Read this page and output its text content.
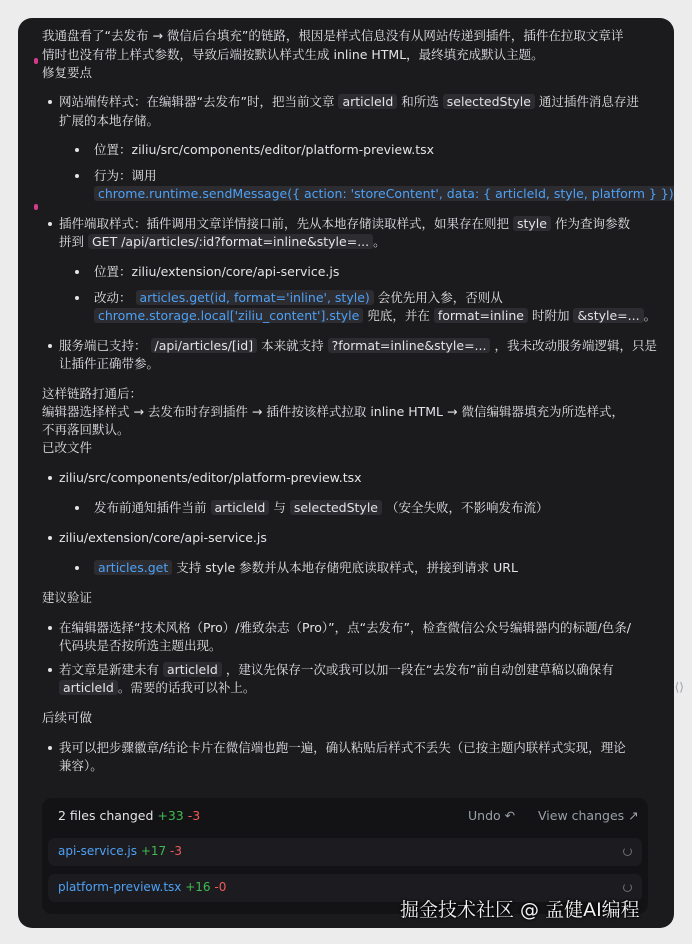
我通盘看了“去发布 → 微信后台填充”的链路，根因是样式信息没有从网站传递到插件，插件在拉取文章详
情时也没有带上样式参数，导致后端按默认样式生成 inline HTML，最终填充成默认主题。
修复要点
网站端传样式：在编辑器“去发布”时，把当前文章 articleId 和所选 selectedStyle 通过插件消息存进
扩展的本地存储。
位置：ziliu/src/components/editor/platform-preview.tsx
行为：调用
chrome.runtime.sendMessage({ action: 'storeContent', data: { articleId, style, platform } })
插件端取样式：插件调用文章详情接口前，先从本地存储读取样式，如果存在则把 style 作为查询参数
拼到 GET /api/articles/:id?format=inline&style=... 。
位置：ziliu/extension/core/api-service.js
改动： articles.get(id, format='inline', style) 会优先用入参，否则从
chrome.storage.local['ziliu_content'].style 兜底，并在 format=inline 时附加 &style=... 。
服务端已支持： /api/articles/[id] 本来就支持 ?format=inline&style=... ，我未改动服务端逻辑，只是
让插件正确带参。
这样链路打通后：
编辑器选择样式 → 去发布时存到插件 → 插件按该样式拉取 inline HTML → 微信编辑器填充为所选样式，
不再落回默认。
已改文件
ziliu/src/components/editor/platform-preview.tsx
发布前通知插件当前 articleId 与 selectedStyle （安全失败，不影响发布流）
ziliu/extension/core/api-service.js
articles.get 支持 style 参数并从本地存储兜底读取样式，拼接到请求 URL
建议验证
在编辑器选择“技术风格（Pro）/雅致杂志（Pro）”，点“去发布”，检查微信公众号编辑器内的标题/色条/
代码块是否按所选主题出现。
若文章是新建未有 articleId ，建议先保存一次或我可以加一段在“去发布”前自动创建草稿以确保有
articleId 。需要的话我可以补上。
后续可做
我可以把步骤徽章/结论卡片在微信端也跑一遍，确认粘贴后样式不丢失（已按主题内联样式实现，理论
兼容）。
2 files changed +33 -3	Undo ↶ View changes ↗
api-service.js +17 -3
platform-preview.tsx +16 -0
⟨⟩
掘金技术社区 @ 孟健AI编程
